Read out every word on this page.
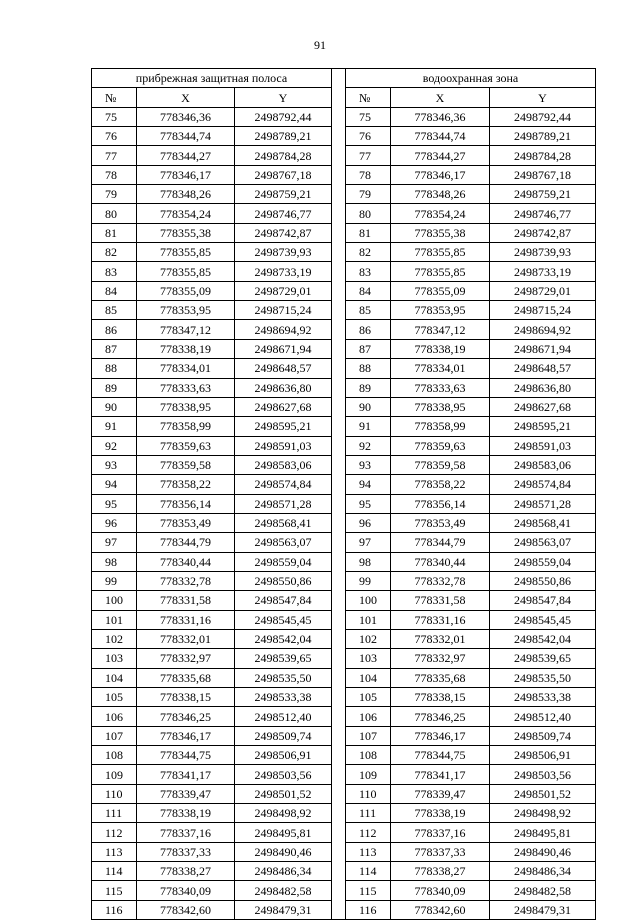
91
прибрежная защитная полоса				водоохранная зона		
№	X	Y		№	X	Y
75	778346,36	2498792,44		75	778346,36	2498792,44
76	778344,74	2498789,21		76	778344,74	2498789,21
77	778344,27	2498784,28		77	778344,27	2498784,28
78	778346,17	2498767,18		78	778346,17	2498767,18
79	778348,26	2498759,21		79	778348,26	2498759,21
80	778354,24	2498746,77		80	778354,24	2498746,77
81	778355,38	2498742,87		81	778355,38	2498742,87
82	778355,85	2498739,93		82	778355,85	2498739,93
83	778355,85	2498733,19		83	778355,85	2498733,19
84	778355,09	2498729,01		84	778355,09	2498729,01
85	778353,95	2498715,24		85	778353,95	2498715,24
86	778347,12	2498694,92		86	778347,12	2498694,92
87	778338,19	2498671,94		87	778338,19	2498671,94
88	778334,01	2498648,57		88	778334,01	2498648,57
89	778333,63	2498636,80		89	778333,63	2498636,80
90	778338,95	2498627,68		90	778338,95	2498627,68
91	778358,99	2498595,21		91	778358,99	2498595,21
92	778359,63	2498591,03		92	778359,63	2498591,03
93	778359,58	2498583,06		93	778359,58	2498583,06
94	778358,22	2498574,84		94	778358,22	2498574,84
95	778356,14	2498571,28		95	778356,14	2498571,28
96	778353,49	2498568,41		96	778353,49	2498568,41
97	778344,79	2498563,07		97	778344,79	2498563,07
98	778340,44	2498559,04		98	778340,44	2498559,04
99	778332,78	2498550,86		99	778332,78	2498550,86
100	778331,58	2498547,84		100	778331,58	2498547,84
101	778331,16	2498545,45		101	778331,16	2498545,45
102	778332,01	2498542,04		102	778332,01	2498542,04
103	778332,97	2498539,65		103	778332,97	2498539,65
104	778335,68	2498535,50		104	778335,68	2498535,50
105	778338,15	2498533,38		105	778338,15	2498533,38
106	778346,25	2498512,40		106	778346,25	2498512,40
107	778346,17	2498509,74		107	778346,17	2498509,74
108	778344,75	2498506,91		108	778344,75	2498506,91
109	778341,17	2498503,56		109	778341,17	2498503,56
110	778339,47	2498501,52		110	778339,47	2498501,52
111	778338,19	2498498,92		111	778338,19	2498498,92
112	778337,16	2498495,81		112	778337,16	2498495,81
113	778337,33	2498490,46		113	778337,33	2498490,46
114	778338,27	2498486,34		114	778338,27	2498486,34
115	778340,09	2498482,58		115	778340,09	2498482,58
116	778342,60	2498479,31		116	778342,60	2498479,31
